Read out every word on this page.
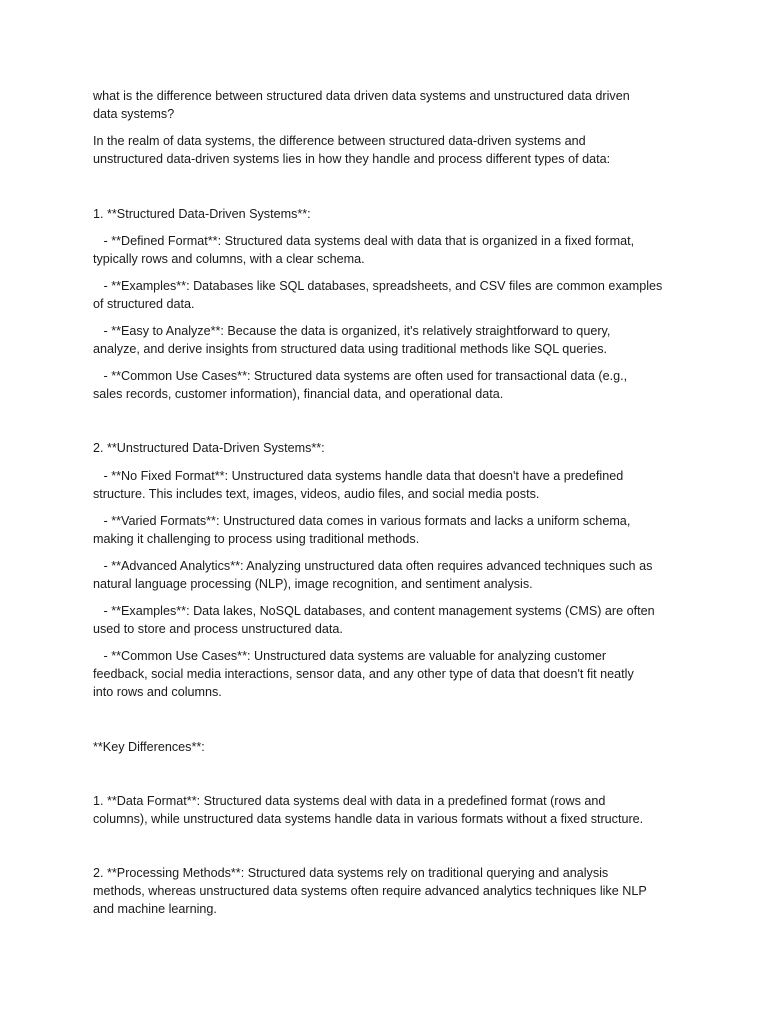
what is the difference between structured data driven data systems and unstructured data driven

data systems?

In the realm of data systems, the difference between structured data-driven systems and

unstructured data-driven systems lies in how they handle and process different types of data:

1. **Structured Data-Driven Systems**:

- **Defined Format**: Structured data systems deal with data that is organized in a fixed format,

typically rows and columns, with a clear schema.

- **Examples**: Databases like SQL databases, spreadsheets, and CSV files are common examples

of structured data.

- **Easy to Analyze**: Because the data is organized, it's relatively straightforward to query,

analyze, and derive insights from structured data using traditional methods like SQL queries.

- **Common Use Cases**: Structured data systems are often used for transactional data (e.g.,

sales records, customer information), financial data, and operational data.

2. **Unstructured Data-Driven Systems**:

- **No Fixed Format**: Unstructured data systems handle data that doesn't have a predefined

structure. This includes text, images, videos, audio files, and social media posts.

- **Varied Formats**: Unstructured data comes in various formats and lacks a uniform schema,

making it challenging to process using traditional methods.

- **Advanced Analytics**: Analyzing unstructured data often requires advanced techniques such as

natural language processing (NLP), image recognition, and sentiment analysis.

- **Examples**: Data lakes, NoSQL databases, and content management systems (CMS) are often

used to store and process unstructured data.

- **Common Use Cases**: Unstructured data systems are valuable for analyzing customer

feedback, social media interactions, sensor data, and any other type of data that doesn't fit neatly

into rows and columns.

**Key Differences**:

1. **Data Format**: Structured data systems deal with data in a predefined format (rows and

columns), while unstructured data systems handle data in various formats without a fixed structure.

2. **Processing Methods**: Structured data systems rely on traditional querying and analysis

methods, whereas unstructured data systems often require advanced analytics techniques like NLP

and machine learning.
